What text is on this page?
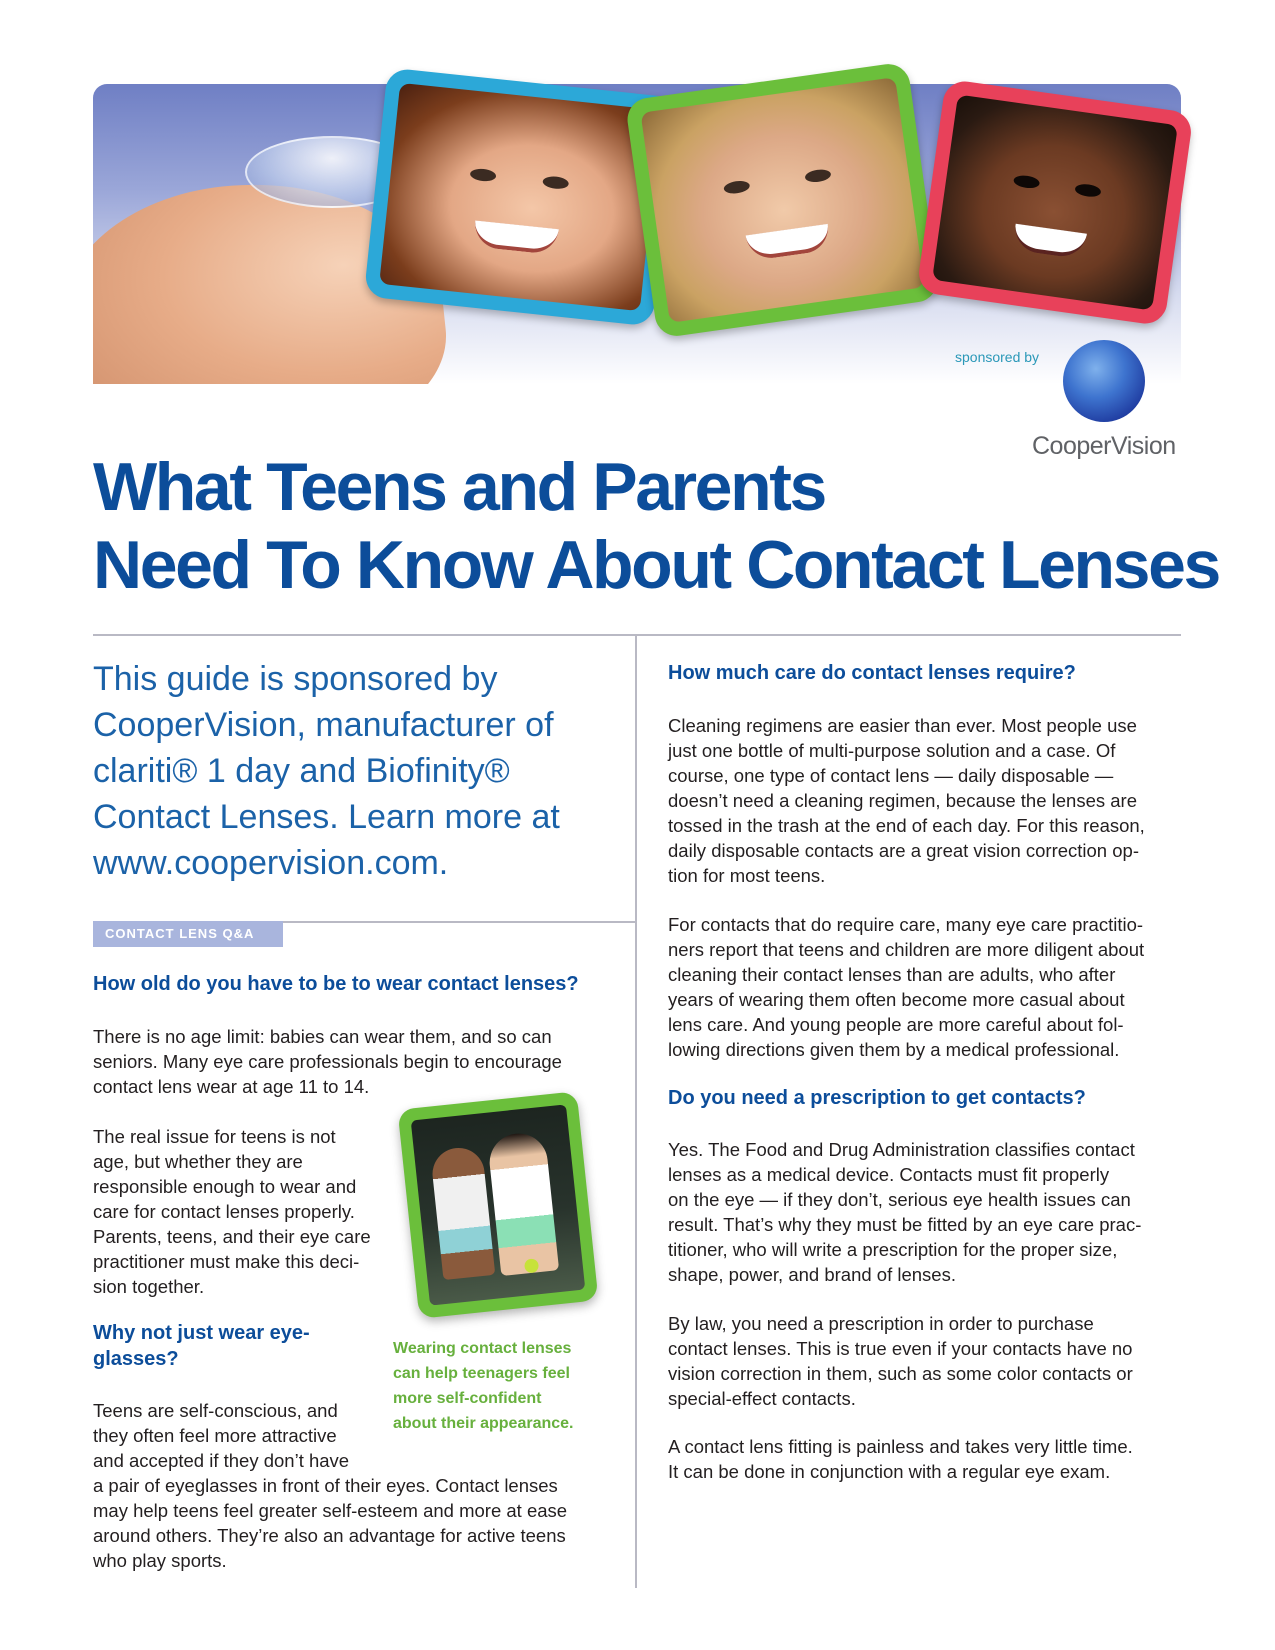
sponsored by
CooperVision
What Teens and Parents
Need To Know About Contact Lenses

This guide is sponsored by
CooperVision, manufacturer of
clariti® 1 day and Biofinity®
Contact Lenses. Learn more at
www.coopervision.com.

CONTACT LENS Q&A
How old do you have to be to wear contact lenses?

There is no age limit: babies can wear them, and so can
seniors. Many eye care professionals begin to encourage
contact lens wear at age 11 to 14.

The real issue for teens is not
age, but whether they are
responsible enough to wear and
care for contact lenses properly.
Parents, teens, and their eye care
practitioner must make this deci-
sion together.

Wearing contact lenses
can help teenagers feel
more self-confident
about their appearance.

Why not just wear eye-
glasses?

Teens are self-conscious, and
they often feel more attractive
and accepted if they don’t have

a pair of eyeglasses in front of their eyes. Contact lenses
may help teens feel greater self-esteem and more at ease
around others. They’re also an advantage for active teens
who play sports.

How much care do contact lenses require?

Cleaning regimens are easier than ever. Most people use
just one bottle of multi-purpose solution and a case. Of
course, one type of contact lens — daily disposable —
doesn’t need a cleaning regimen, because the lenses are
tossed in the trash at the end of each day. For this reason,
daily disposable contacts are a great vision correction op-
tion for most teens.

For contacts that do require care, many eye care practitio-
ners report that teens and children are more diligent about
cleaning their contact lenses than are adults, who after
years of wearing them often become more casual about
lens care. And young people are more careful about fol-
lowing directions given them by a medical professional.

Do you need a prescription to get contacts?

Yes. The Food and Drug Administration classifies contact
lenses as a medical device. Contacts must fit properly
on the eye — if they don’t, serious eye health issues can
result. That’s why they must be fitted by an eye care prac-
titioner, who will write a prescription for the proper size,
shape, power, and brand of lenses.

By law, you need a prescription in order to purchase
contact lenses. This is true even if your contacts have no
vision correction in them, such as some color contacts or
special-effect contacts.

A contact lens fitting is painless and takes very little time.
It can be done in conjunction with a regular eye exam.
